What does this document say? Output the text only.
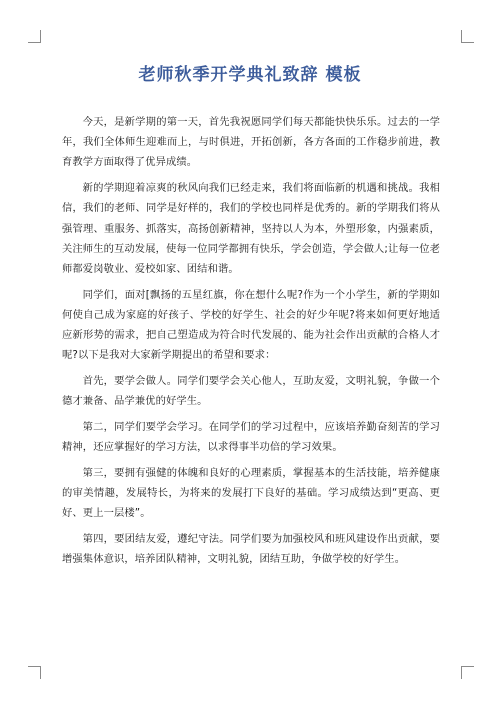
老师秋季开学典礼致辞 模板

今天，是新学期的第一天，首先我祝愿同学们每天都能快快乐乐。过去的一学年，我们全体师生迎难而上，与时俱进，开拓创新，各方各面的工作稳步前进，教育教学方面取得了优异成绩。

新的学期迎着凉爽的秋风向我们已经走来，我们将面临新的机遇和挑战。我相信，我们的老师、同学是好样的，我们的学校也同样是优秀的。新的学期我们将从强管理、重服务、抓落实，高扬创新精神，坚持以人为本，外塑形象，内强素质，关注师生的互动发展，使每一位同学都拥有快乐，学会创造，学会做人;让每一位老师都爱岗敬业、爱校如家、团结和谐。

同学们，面对[飘扬的五星红旗，你在想什么呢?作为一个小学生，新的学期如何使自己成为家庭的好孩子、学校的好学生、社会的好少年呢?将来如何更好地适应新形势的需求，把自己塑造成为符合时代发展的、能为社会作出贡献的合格人才呢?以下是我对大家新学期提出的希望和要求：

首先，要学会做人。同学们要学会关心他人，互助友爱，文明礼貌，争做一个德才兼备、品学兼优的好学生。

第二，同学们要学会学习。在同学们的学习过程中，应该培养勤奋刻苦的学习精神，还应掌握好的学习方法，以求得事半功倍的学习效果。

第三，要拥有强健的体魄和良好的心理素质，掌握基本的生活技能，培养健康的审美情趣，发展特长，为将来的发展打下良好的基础。学习成绩达到“更高、更好、更上一层楼”。

第四，要团结友爱，遵纪守法。同学们要为加强校风和班风建设作出贡献，要增强集体意识，培养团队精神，文明礼貌，团结互助，争做学校的好学生。
